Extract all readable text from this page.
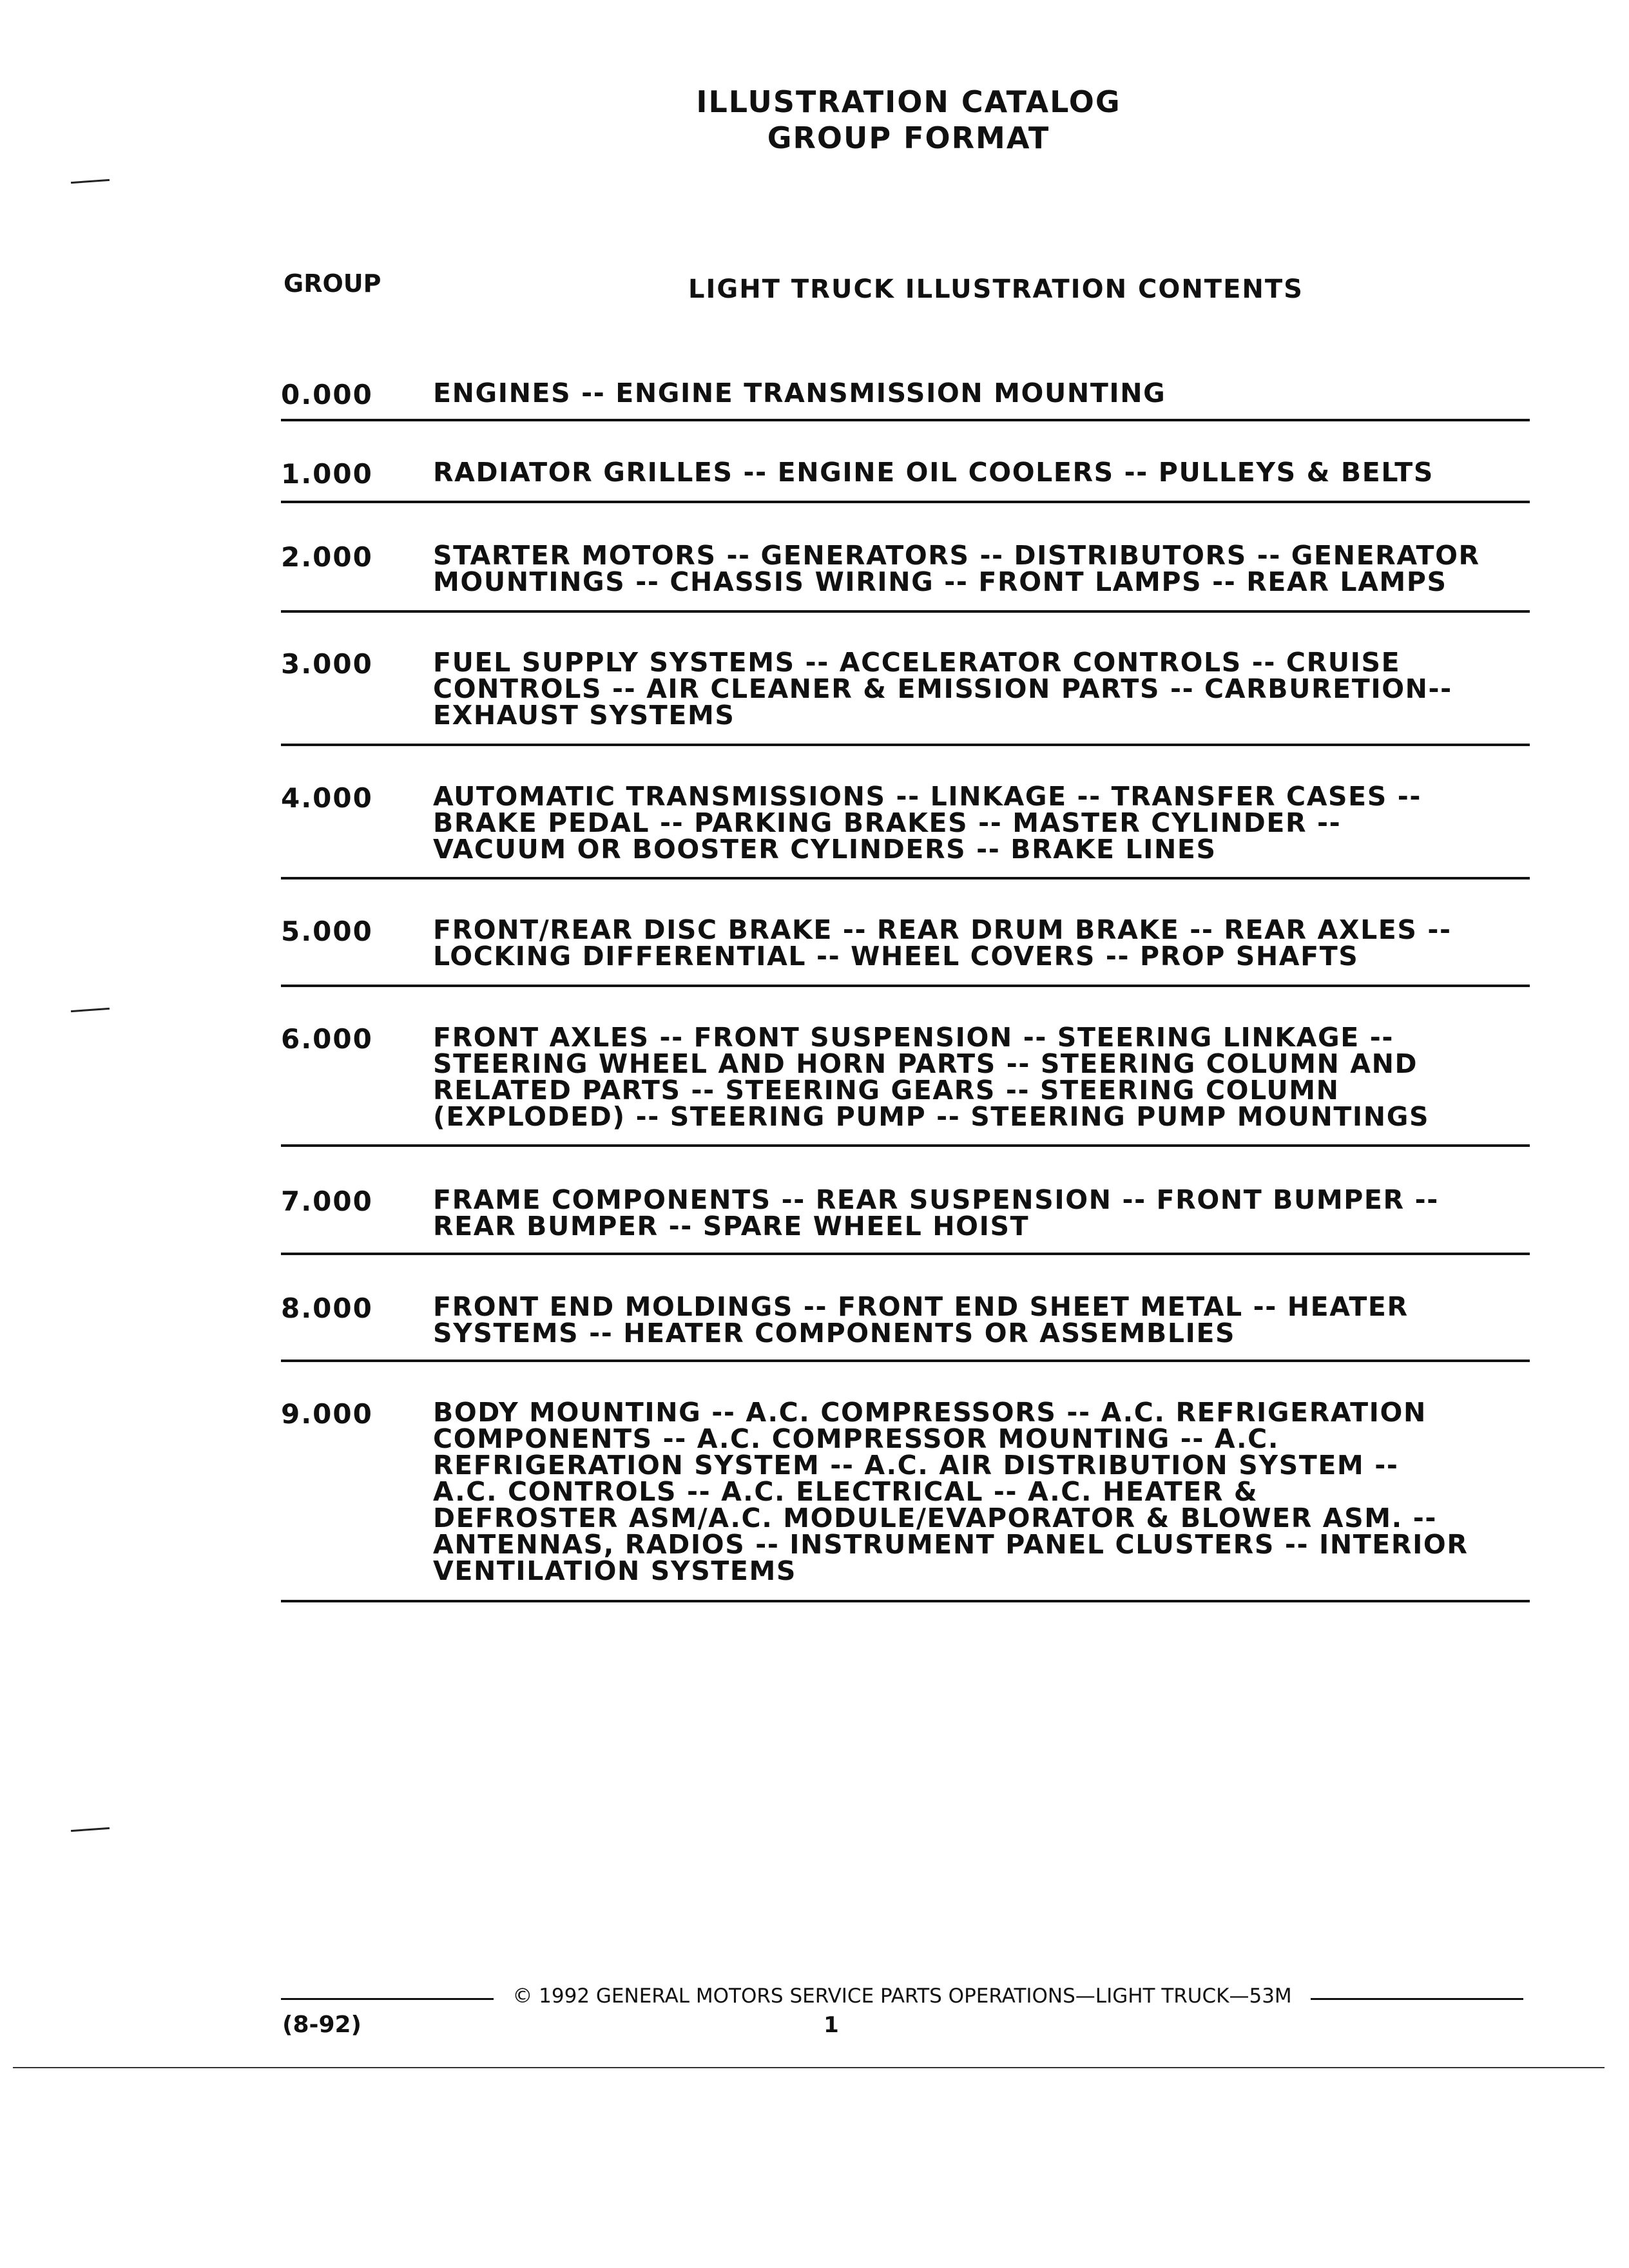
ILLUSTRATION CATALOG
GROUP FORMAT
GROUP	LIGHT TRUCK ILLUSTRATION CONTENTS
0.000 ENGINES -- ENGINE TRANSMISSION MOUNTING
1.000 RADIATOR GRILLES -- ENGINE OIL COOLERS -- PULLEYS & BELTS
2.000 STARTER MOTORS -- GENERATORS -- DISTRIBUTORS -- GENERATOR
MOUNTINGS -- CHASSIS WIRING -- FRONT LAMPS -- REAR LAMPS
3.000 FUEL SUPPLY SYSTEMS -- ACCELERATOR CONTROLS -- CRUISE
CONTROLS -- AIR CLEANER & EMISSION PARTS -- CARBURETION--
EXHAUST SYSTEMS
4.000 AUTOMATIC TRANSMISSIONS -- LINKAGE -- TRANSFER CASES --
BRAKE PEDAL -- PARKING BRAKES -- MASTER CYLINDER --
VACUUM OR BOOSTER CYLINDERS -- BRAKE LINES
5.000 FRONT/REAR DISC BRAKE -- REAR DRUM BRAKE -- REAR AXLES --
LOCKING DIFFERENTIAL -- WHEEL COVERS -- PROP SHAFTS
6.000 FRONT AXLES -- FRONT SUSPENSION -- STEERING LINKAGE --
STEERING WHEEL AND HORN PARTS -- STEERING COLUMN AND
RELATED PARTS -- STEERING GEARS -- STEERING COLUMN
(EXPLODED) -- STEERING PUMP -- STEERING PUMP MOUNTINGS
7.000 FRAME COMPONENTS -- REAR SUSPENSION -- FRONT BUMPER --
REAR BUMPER -- SPARE WHEEL HOIST
8.000 FRONT END MOLDINGS -- FRONT END SHEET METAL -- HEATER
SYSTEMS -- HEATER COMPONENTS OR ASSEMBLIES
9.000 BODY MOUNTING -- A.C. COMPRESSORS -- A.C. REFRIGERATION
COMPONENTS -- A.C. COMPRESSOR MOUNTING -- A.C.
REFRIGERATION SYSTEM -- A.C. AIR DISTRIBUTION SYSTEM --
A.C. CONTROLS -- A.C. ELECTRICAL -- A.C. HEATER &
DEFROSTER ASM/A.C. MODULE/EVAPORATOR & BLOWER ASM. --
ANTENNAS, RADIOS -- INSTRUMENT PANEL CLUSTERS -- INTERIOR
VENTILATION SYSTEMS
© 1992 GENERAL MOTORS SERVICE PARTS OPERATIONS—LIGHT TRUCK—53M
(8-92)	1
